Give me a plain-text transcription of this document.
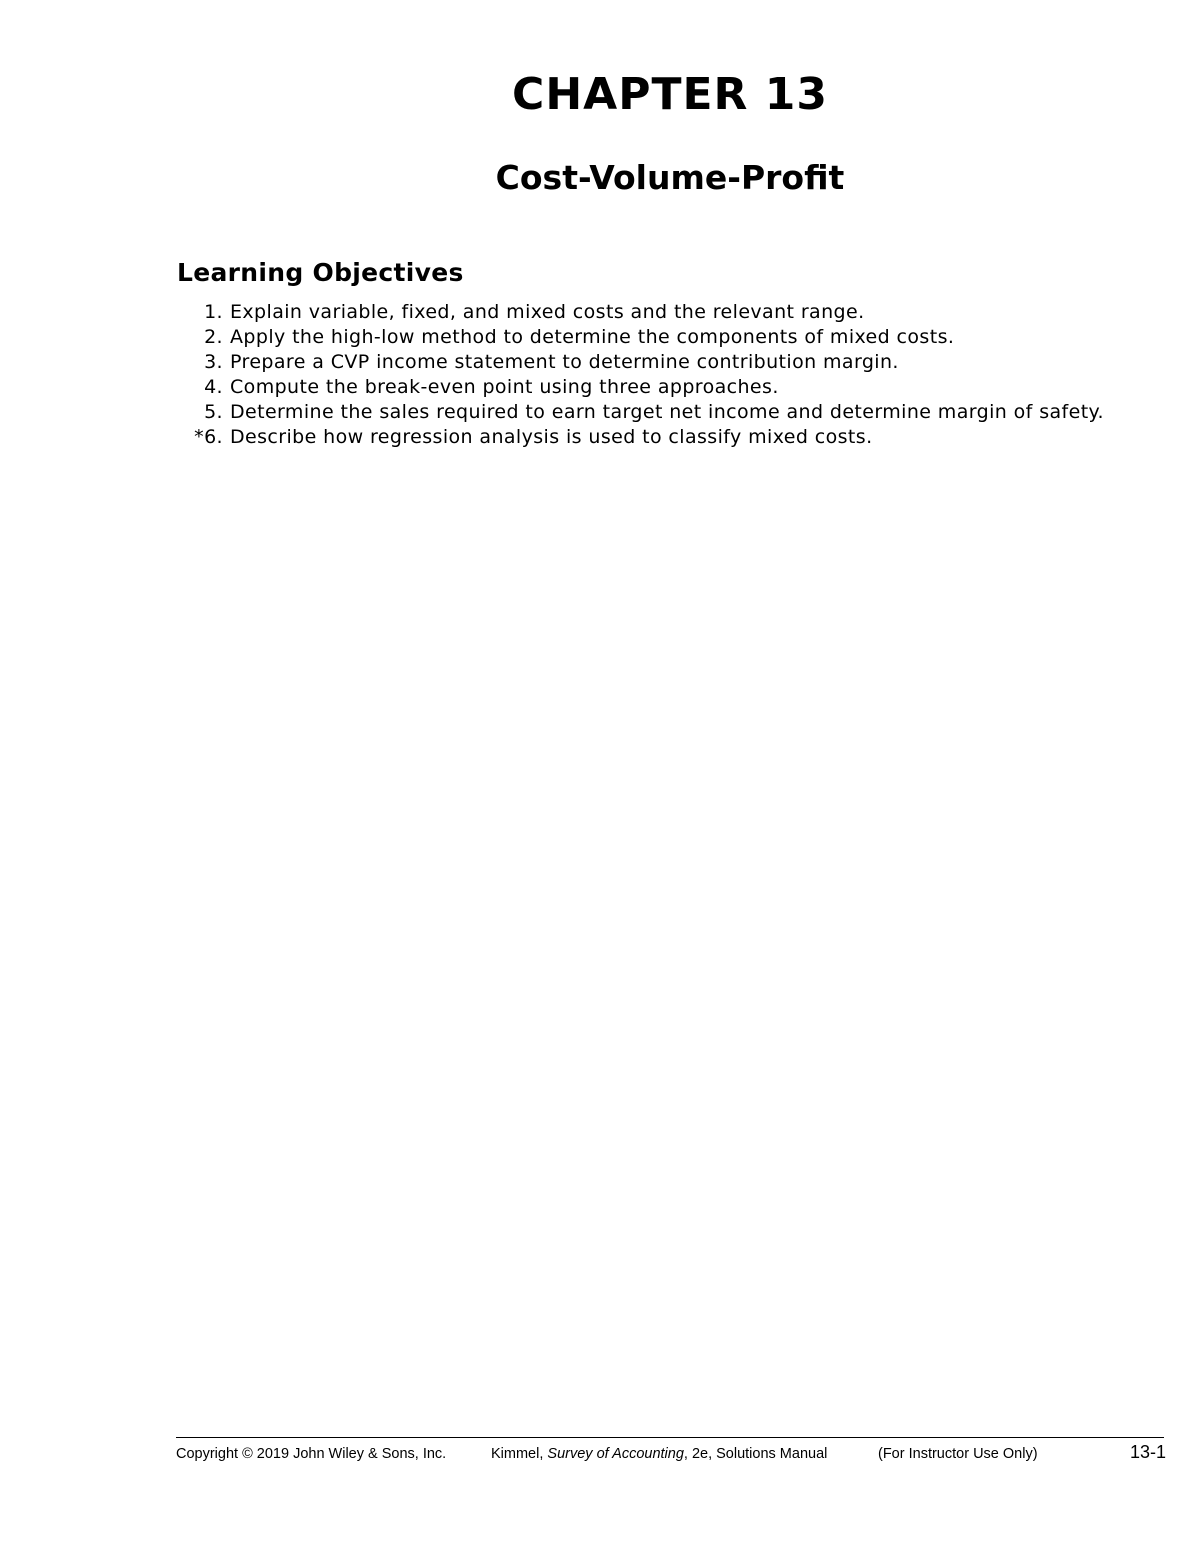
CHAPTER 13
Cost-Volume-Profit
Learning Objectives
1. Explain variable, fixed, and mixed costs and the relevant range.
2. Apply the high-low method to determine the components of mixed costs.
3. Prepare a CVP income statement to determine contribution margin.
4. Compute the break-even point using three approaches.
5. Determine the sales required to earn target net income and determine margin of safety.
*6. Describe how regression analysis is used to classify mixed costs.
Copyright © 2019 John Wiley & Sons, Inc.	Kimmel, Survey of Accounting, 2e, Solutions Manual	(For Instructor Use Only)	13-1
